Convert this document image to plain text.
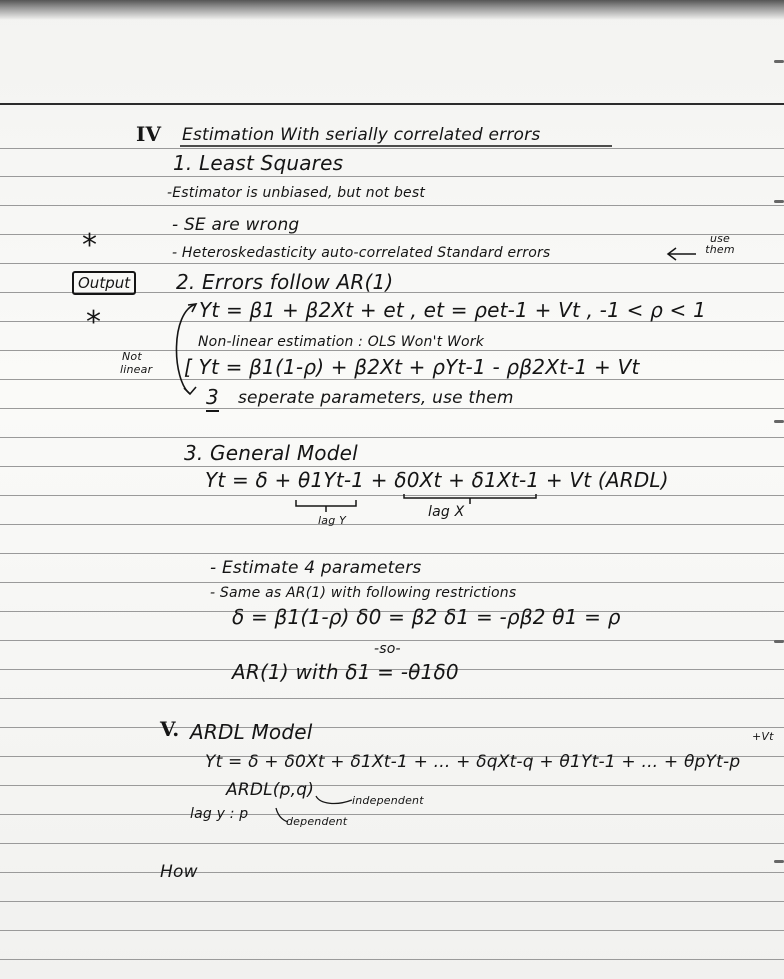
IV Estimation With serially correlated errors
1. Least Squares
-Estimator is unbiased, but not best
- SE are wrong
- Heteroskedasticity auto-correlated Standard errors
use them
*
Output
*
2. Errors follow AR(1)
Yt = β1 + β2Xt + et , et = ρet-1 + Vt , -1 < ρ < 1
Non-linear estimation : OLS Won't Work
Not
linear [ Yt = β1(1-ρ) + β2Xt + ρYt-1 - ρβ2Xt-1 + Vt
3 seperate parameters, use them
3. General Model
Yt = δ + θ1Yt-1 + δ0Xt + δ1Xt-1 + Vt (ARDL)
lag Y
lag X
- Estimate 4 parameters
- Same as AR(1) with following restrictions
δ = β1(1-ρ) δ0 = β2 δ1 = -ρβ2 θ1 = ρ
-so-
AR(1) with δ1 = -θ1δ0
V. ARDL Model
Yt = δ + δ0Xt + δ1Xt-1 + ... + δqXt-q + θ1Yt-1 + ... + θpYt-p
+Vt
ARDL(p,q)
independent
lag y : p	dependent
How
